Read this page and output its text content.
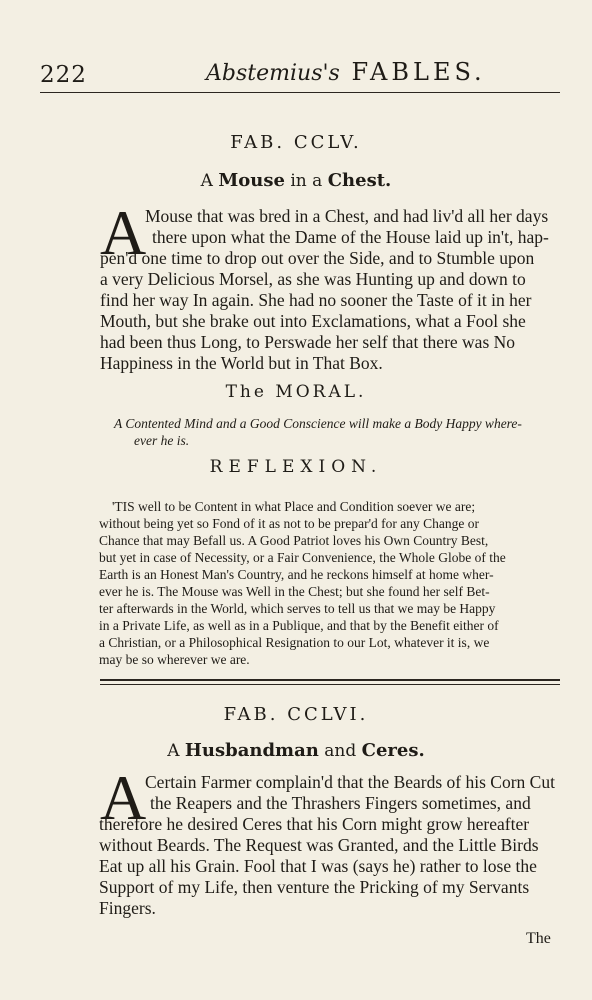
222	Abstemius's FABLES.
FAB. CCLV.
A Mouse in a Chest.
A
Mouse that was bred in a Chest, and had liv'd all her days
there upon what the Dame of the House laid up in't, hap-
pen'd one time to drop out over the Side, and to Stumble upon
a very Delicious Morsel, as she was Hunting up and down to
find her way In again. She had no sooner the Taste of it in her
Mouth, but she brake out into Exclamations, what a Fool she
had been thus Long, to Perswade her self that there was No
Happiness in the World but in That Box.
The MORAL.
A Contented Mind and a Good Conscience will make a Body Happy where-
ever he is.
REFLEXION.
'TIS well to be Content in what Place and Condition soever we are;
without being yet so Fond of it as not to be prepar'd for any Change or
Chance that may Befall us. A Good Patriot loves his Own Country Best,
but yet in case of Necessity, or a Fair Convenience, the Whole Globe of the
Earth is an Honest Man's Country, and he reckons himself at home wher-
ever he is. The Mouse was Well in the Chest; but she found her self Bet-
ter afterwards in the World, which serves to tell us that we may be Happy
in a Private Life, as well as in a Publique, and that by the Benefit either of
a Christian, or a Philosophical Resignation to our Lot, whatever it is, we
may be so wherever we are.
FAB. CCLVI.
A Husbandman and Ceres.
A
Certain Farmer complain'd that the Beards of his Corn Cut
the Reapers and the Thrashers Fingers sometimes, and
therefore he desired Ceres that his Corn might grow hereafter
without Beards. The Request was Granted, and the Little Birds
Eat up all his Grain. Fool that I was (says he) rather to lose the
Support of my Life, then venture the Pricking of my Servants
Fingers.
The
